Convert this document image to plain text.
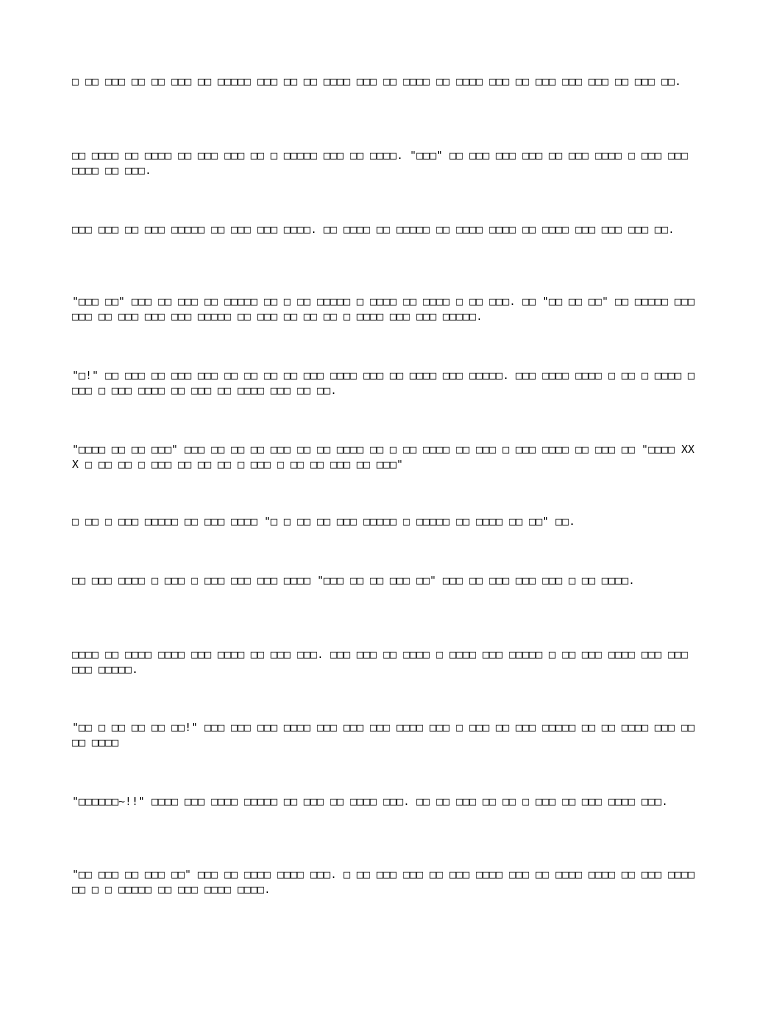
□ □□ □□□ □□ □□ □□□ □□ □□□□□ □□□ □□ □□ □□□□ □□□ □□ □□□□ □□ □□□□ □□□ □□ □□□ □□□ □□□ □□ □□□ □□.

□□ □□□□ □□ □□□□ □□ □□□ □□□ □□ □ □□□□□ □□□ □□ □□□□. "□□□" □□ □□□ □□□ □□□ □□ □□□ □□□□ □ □□□ □□□ □□□□ □□ □□□.

□□□ □□□ □□ □□□ □□□□□ □□ □□□ □□□ □□□□. □□ □□□□ □□ □□□□□ □□ □□□□ □□□□ □□ □□□□ □□□ □□□ □□□ □□.

"□□□ □□" □□□ □□ □□□ □□ □□□□□ □□ □ □□ □□□□□ □ □□□□ □□ □□□□ □ □□ □□□. □□ "□□ □□ □□" □□ □□□□□ □□□ □□□ □□ □□□ □□□ □□□ □□□□□ □□ □□□ □□ □□ □□ □ □□□□ □□□ □□□ □□□□□.

"□!" □□ □□□ □□ □□□ □□□ □□ □□ □□ □□ □□□ □□□□ □□□ □□ □□□□ □□□ □□□□□. □□□ □□□□ □□□□ □ □□ □ □□□□ □□□□ □ □□□ □□□□ □□ □□□ □□ □□□□ □□□ □□ □□.

"□□□□ □□ □□ □□□" □□□ □□ □□ □□ □□□ □□ □□ □□□□ □□ □ □□ □□□□ □□ □□□ □ □□□ □□□□ □□ □□□ □□ "□□□□ XXX □ □□ □□ □ □□□ □□ □□ □□ □ □□□ □ □□ □□ □□□ □□ □□□"

□ □□ □ □□□ □□□□□ □□ □□□ □□□□ "□ □ □□ □□ □□□ □□□□□ □ □□□□□ □□ □□□□ □□ □□" □□.

□□ □□□ □□□□ □ □□□ □ □□□ □□□ □□□ □□□□ "□□□ □□ □□ □□□ □□" □□□ □□ □□□ □□□ □□□ □ □□ □□□□.

□□□□ □□ □□□□ □□□□ □□□ □□□□ □□ □□□ □□□. □□□ □□□ □□ □□□□ □ □□□□ □□□ □□□□□ □ □□ □□□ □□□□ □□□ □□□ □□□ □□□□□.

"□□ □ □□ □□ □□ □□!" □□□ □□□ □□□ □□□□ □□□ □□□ □□□ □□□□ □□□ □ □□□ □□ □□□ □□□□□ □□ □□ □□□□ □□□ □□□□ □□□□

"□□□□□□~!!" □□□□ □□□ □□□□ □□□□□ □□ □□□ □□ □□□□ □□□. □□ □□ □□□ □□ □□ □ □□□ □□ □□□ □□□□ □□□.

"□□ □□□ □□ □□□ □□" □□□ □□ □□□□ □□□□ □□□. □ □□ □□□ □□□ □□ □□□ □□□□ □□□ □□ □□□□ □□□□ □□ □□□ □□□□ □□ □ □ □□□□□ □□ □□□ □□□□ □□□□.
